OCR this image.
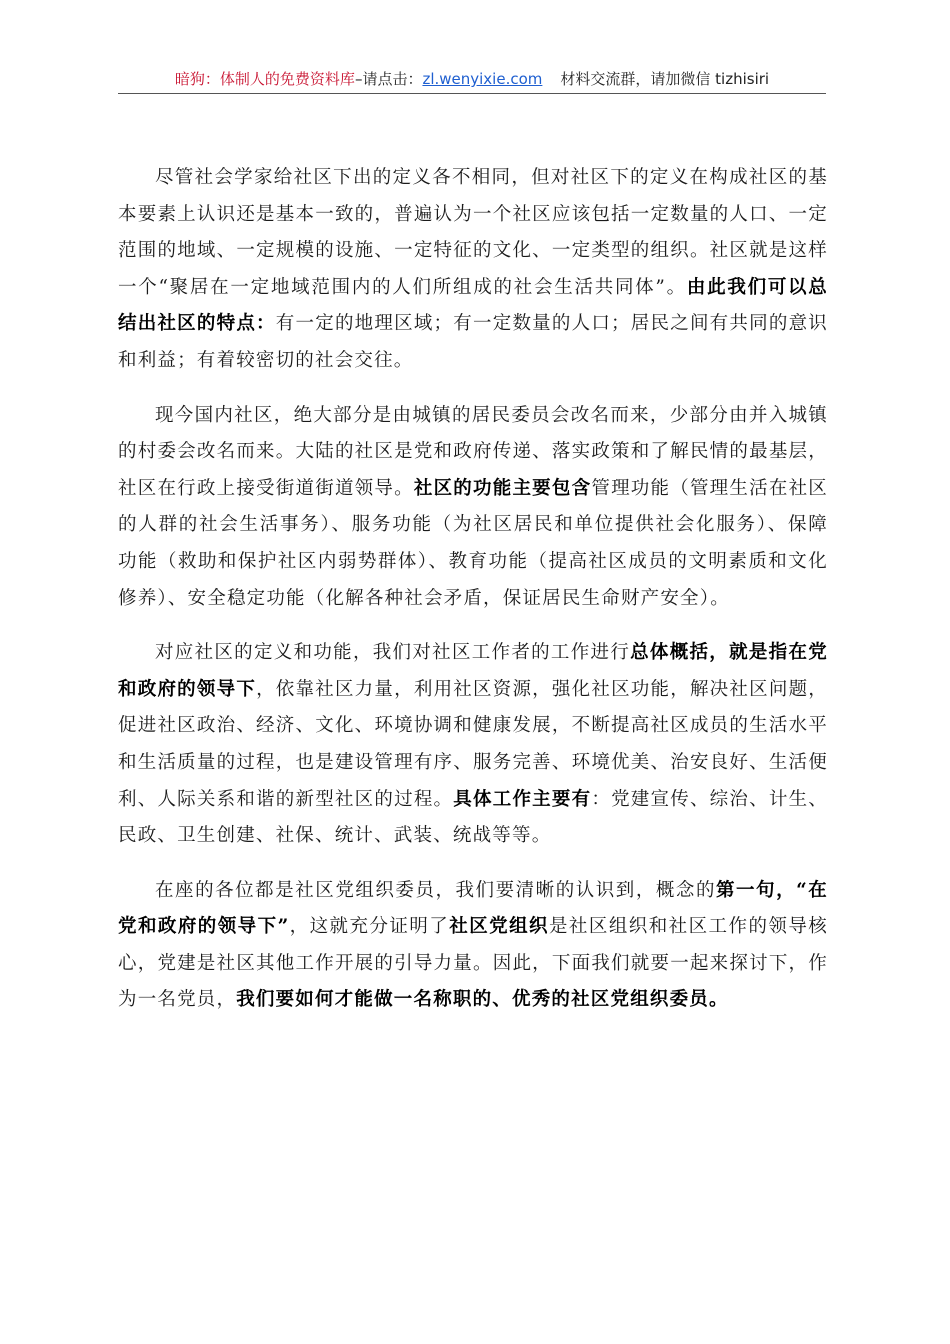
暗狗：体制人的免费资料库–请点击：zl.wenyixie.com 材料交流群，请加微信 tizhisiri

尽管社会学家给社区下出的定义各不相同，但对社区下的定义在构成社区的基本要素上认识还是基本一致的，普遍认为一个社区应该包括一定数量的人口、一定范围的地域、一定规模的设施、一定特征的文化、一定类型的组织。社区就是这样一个“聚居在一定地域范围内的人们所组成的社会生活共同体”。由此我们可以总结出社区的特点：有一定的地理区域；有一定数量的人口；居民之间有共同的意识和利益；有着较密切的社会交往。

现今国内社区，绝大部分是由城镇的居民委员会改名而来，少部分由并入城镇的村委会改名而来。大陆的社区是党和政府传递、落实政策和了解民情的最基层，社区在行政上接受街道街道领导。社区的功能主要包含管理功能（管理生活在社区的人群的社会生活事务）、服务功能（为社区居民和单位提供社会化服务）、保障功能（救助和保护社区内弱势群体）、教育功能（提高社区成员的文明素质和文化修养）、安全稳定功能（化解各种社会矛盾，保证居民生命财产安全）。

对应社区的定义和功能，我们对社区工作者的工作进行总体概括，就是指在党和政府的领导下，依靠社区力量，利用社区资源，强化社区功能，解决社区问题，促进社区政治、经济、文化、环境协调和健康发展，不断提高社区成员的生活水平和生活质量的过程，也是建设管理有序、服务完善、环境优美、治安良好、生活便利、人际关系和谐的新型社区的过程。具体工作主要有：党建宣传、综治、计生、民政、卫生创建、社保、统计、武装、统战等等。

在座的各位都是社区党组织委员，我们要清晰的认识到，概念的第一句，“在党和政府的领导下”，这就充分证明了社区党组织是社区组织和社区工作的领导核心，党建是社区其他工作开展的引导力量。因此，下面我们就要一起来探讨下，作为一名党员，我们要如何才能做一名称职的、优秀的社区党组织委员。
